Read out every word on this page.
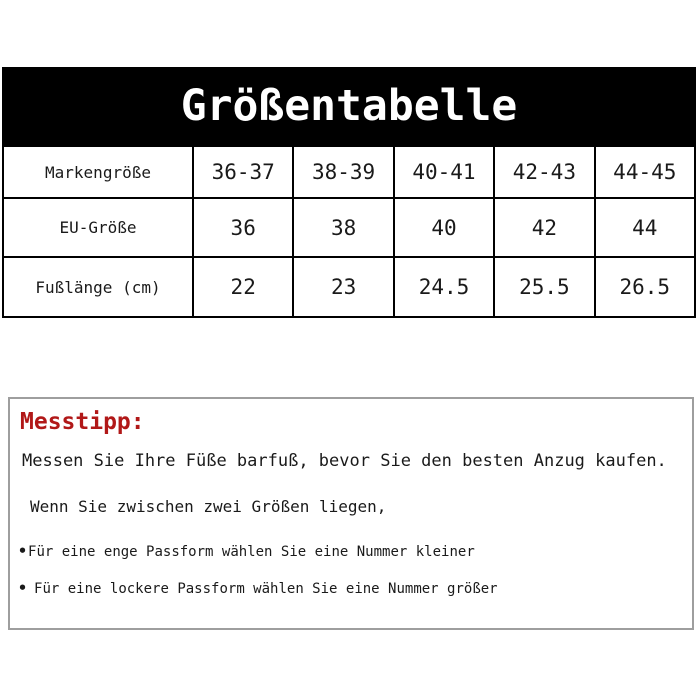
Größentabelle
Markengröße	36-37	38-39	40-41	42-43	44-45
EU-Größe	36	38	40	42	44
Fußlänge (cm)	22	23	24.5	25.5	26.5
Messtipp:
Messen Sie Ihre Füße barfuß, bevor Sie den besten Anzug kaufen.
Wenn Sie zwischen zwei Größen liegen,
• Für eine enge Passform wählen Sie eine Nummer kleiner
• Für eine lockere Passform wählen Sie eine Nummer größer
